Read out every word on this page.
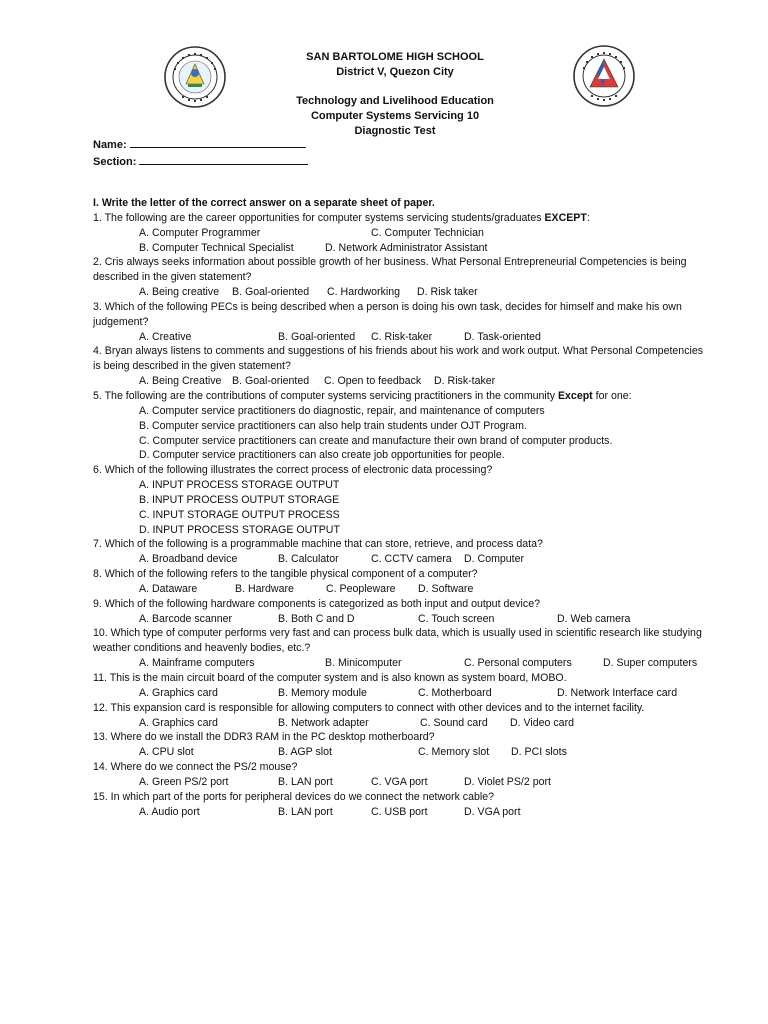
SAN BARTOLOME HIGH SCHOOL
District V, Quezon City
Technology and Livelihood Education
Computer Systems Servicing 10
Diagnostic Test
Name:
Section:
I. Write the letter of the correct answer on a separate sheet of paper.
1. The following are the career opportunities for computer systems servicing students/graduates EXCEPT:
A. Computer Programmer	C. Computer Technician
B. Computer Technical Specialist	D. Network Administrator Assistant
2. Cris always seeks information about possible growth of her business. What Personal Entrepreneurial Competencies is being described in the given statement?
A. Being creative	B. Goal-oriented	C. Hardworking	D. Risk taker
3. Which of the following PECs is being described when a person is doing his own task, decides for himself and make his own judgement?
A. Creative	B. Goal-oriented	C. Risk-taker	D. Task-oriented
4. Bryan always listens to comments and suggestions of his friends about his work and work output. What Personal Competencies is being described in the given statement?
A. Being Creative B. Goal-oriented	C. Open to feedback	D. Risk-taker
5. The following are the contributions of computer systems servicing practitioners in the community Except for one:
A. Computer service practitioners do diagnostic, repair, and maintenance of computers
B. Computer service practitioners can also help train students under OJT Program.
C. Computer service practitioners can create and manufacture their own brand of computer products.
D. Computer service practitioners can also create job opportunities for people.
6. Which of the following illustrates the correct process of electronic data processing?
A. INPUT PROCESS STORAGE OUTPUT
B. INPUT PROCESS OUTPUT STORAGE
C. INPUT STORAGE OUTPUT PROCESS
D. INPUT PROCESS STORAGE OUTPUT
7. Which of the following is a programmable machine that can store, retrieve, and process data?
A. Broadband device	B. Calculator	C. CCTV camera	D. Computer
8. Which of the following refers to the tangible physical component of a computer?
A. Dataware	B. Hardware	C. Peopleware	D. Software
9. Which of the following hardware components is categorized as both input and output device?
A. Barcode scanner	B. Both C and D	C. Touch screen	D. Web camera
10. Which type of computer performs very fast and can process bulk data, which is usually used in scientific research like studying weather conditions and heavenly bodies, etc.?
A. Mainframe computers	B. Minicomputer	C. Personal computers	D. Super computers
11. This is the main circuit board of the computer system and is also known as system board, MOBO.
A. Graphics card	B. Memory module	C. Motherboard	D. Network Interface card
12. This expansion card is responsible for allowing computers to connect with other devices and to the internet facility.
A. Graphics card	B. Network adapter	C. Sound card	D. Video card
13. Where do we install the DDR3 RAM in the PC desktop motherboard?
A. CPU slot	B. AGP slot	C. Memory slot	D. PCI slots
14. Where do we connect the PS/2 mouse?
A. Green PS/2 port	B. LAN port	C. VGA port	D. Violet PS/2 port
15. In which part of the ports for peripheral devices do we connect the network cable?
A. Audio port	B. LAN port	C. USB port	D. VGA port
